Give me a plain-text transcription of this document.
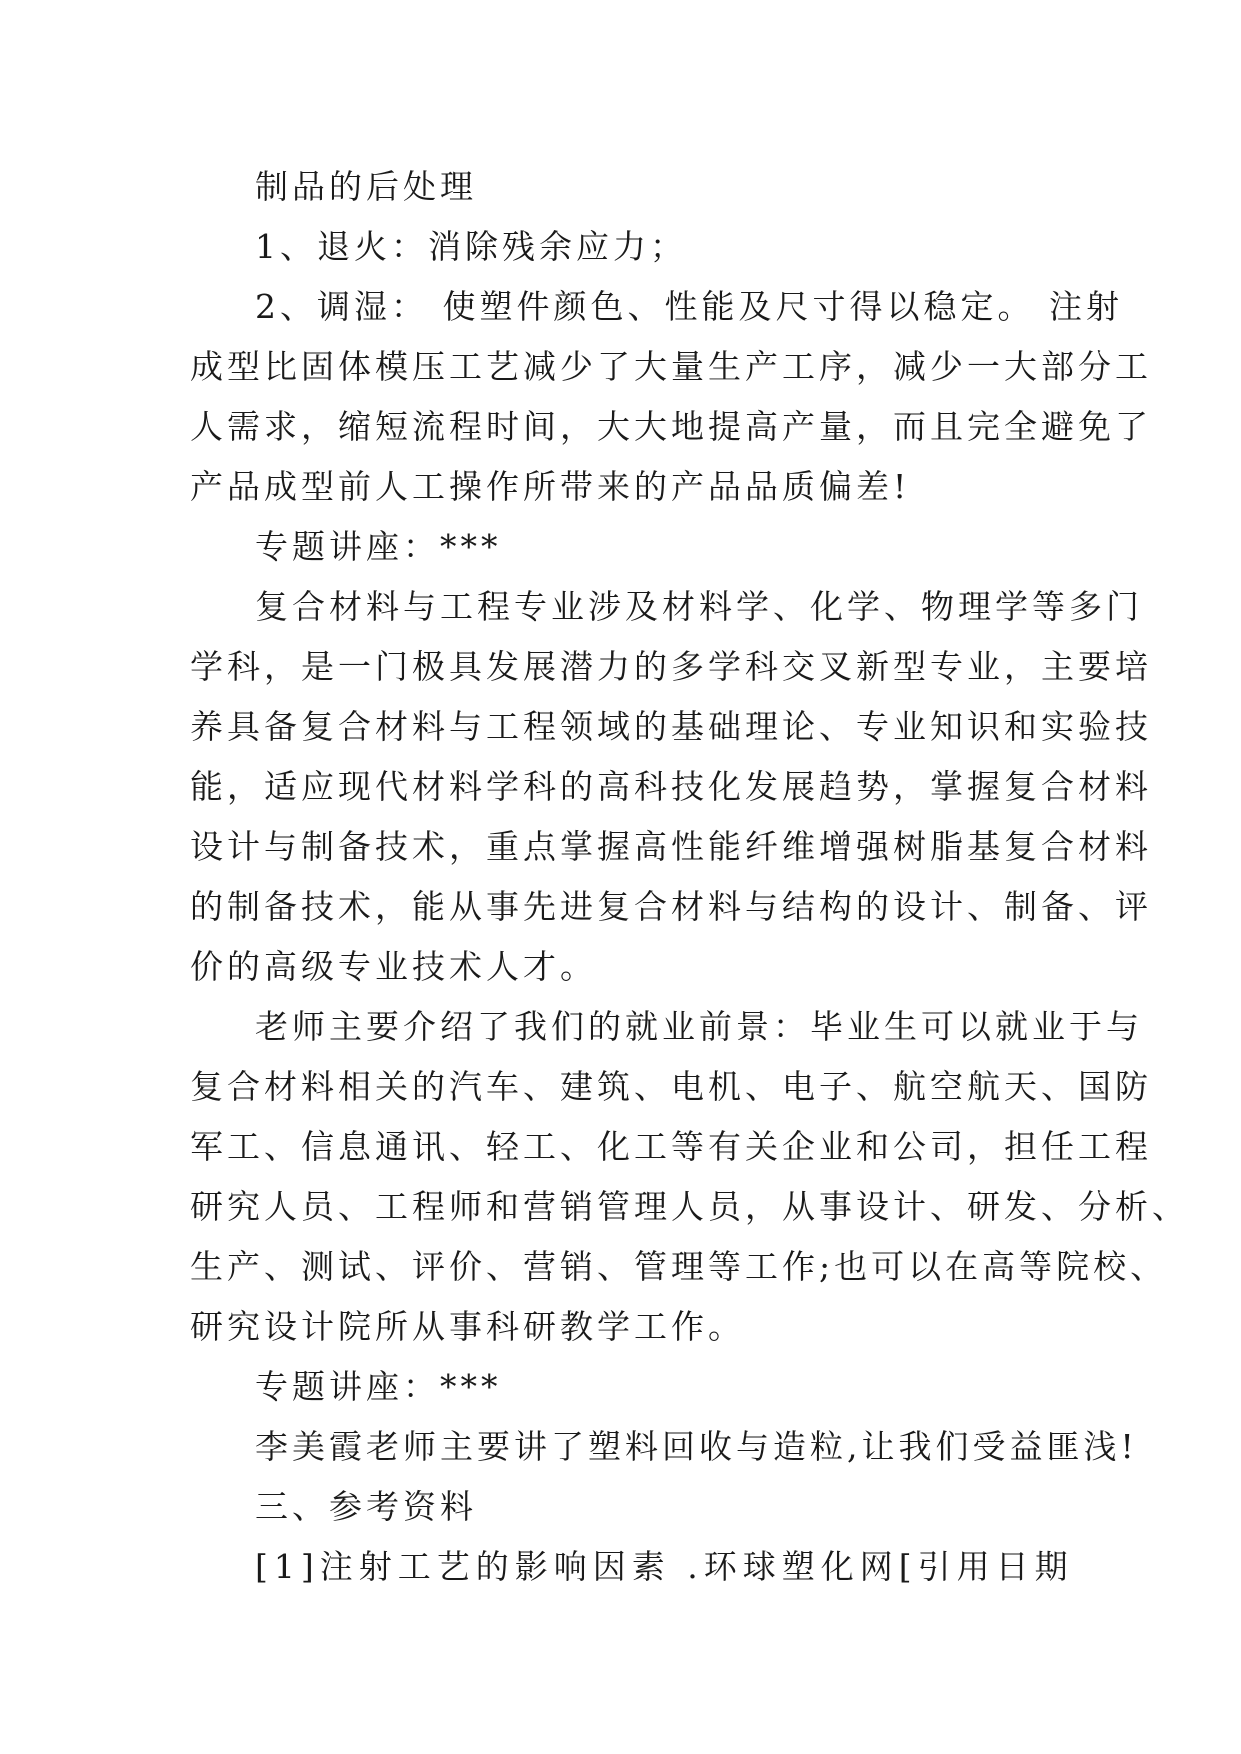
制品的后处理
1、退火：消除残余应力；
2、调湿： 使塑件颜色、性能及尺寸得以稳定。 注射
成型比固体模压工艺减少了大量生产工序，减少一大部分工
人需求，缩短流程时间，大大地提高产量，而且完全避免了
产品成型前人工操作所带来的产品品质偏差!
专题讲座：***
复合材料与工程专业涉及材料学、化学、物理学等多门
学科，是一门极具发展潜力的多学科交叉新型专业，主要培
养具备复合材料与工程领域的基础理论、专业知识和实验技
能，适应现代材料学科的高科技化发展趋势，掌握复合材料
设计与制备技术，重点掌握高性能纤维增强树脂基复合材料
的制备技术，能从事先进复合材料与结构的设计、制备、评
价的高级专业技术人才。
老师主要介绍了我们的就业前景：毕业生可以就业于与
复合材料相关的汽车、建筑、电机、电子、航空航天、国防
军工、信息通讯、轻工、化工等有关企业和公司，担任工程
研究人员、工程师和营销管理人员，从事设计、研发、分析、
生产、测试、评价、营销、管理等工作;也可以在高等院校、
研究设计院所从事科研教学工作。
专题讲座：***
李美霞老师主要讲了塑料回收与造粒,让我们受益匪浅!
三、参考资料
[1]注射工艺的影响因素 .环球塑化网[引用日期
